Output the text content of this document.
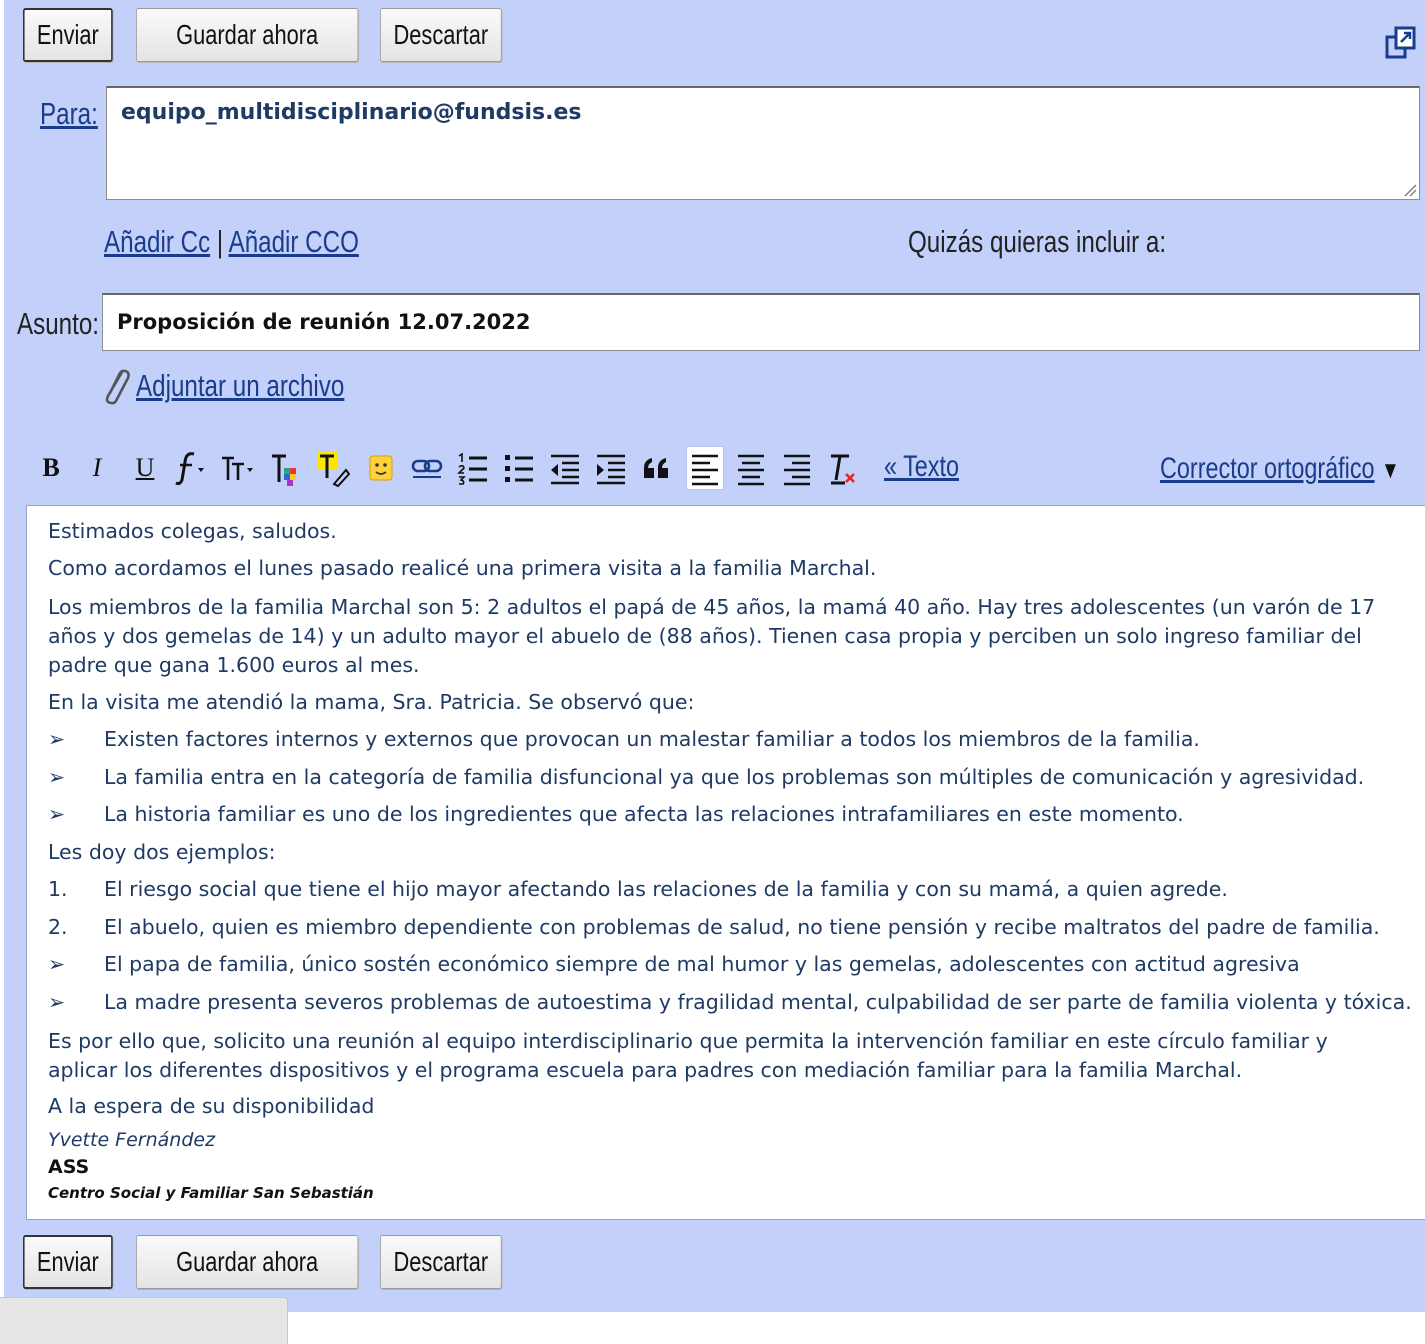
Enviar	Guardar ahora	Descartar
Para: equipo_multidisciplinario@fundsis.es
Añadir Cc | Añadir CCO	Quizás quieras incluir a:
Asunto: Proposición de reunión 12.07.2022
Adjuntar un archivo
B	I	U	« Texto	Corrector ortográfico ▼
Estimados colegas, saludos.
Como acordamos el lunes pasado realicé una primera visita a la familia Marchal.
Los miembros de la familia Marchal son 5: 2 adultos el papá de 45 años, la mamá 40 año. Hay tres adolescentes (un varón de 17 años y dos gemelas de 14) y un adulto mayor el abuelo de (88 años). Tienen casa propia y perciben un solo ingreso familiar del padre que gana 1.600 euros al mes.
En la visita me atendió la mama, Sra. Patricia. Se observó que:
➢ Existen factores internos y externos que provocan un malestar familiar a todos los miembros de la familia.
➢ La familia entra en la categoría de familia disfuncional ya que los problemas son múltiples de comunicación y agresividad.
➢ La historia familiar es uno de los ingredientes que afecta las relaciones intrafamiliares en este momento.
Les doy dos ejemplos:
1. El riesgo social que tiene el hijo mayor afectando las relaciones de la familia y con su mamá, a quien agrede.
2. El abuelo, quien es miembro dependiente con problemas de salud, no tiene pensión y recibe maltratos del padre de familia.
➢ El papa de familia, único sostén económico siempre de mal humor y las gemelas, adolescentes con actitud agresiva
➢ La madre presenta severos problemas de autoestima y fragilidad mental, culpabilidad de ser parte de familia violenta y tóxica.
Es por ello que, solicito una reunión al equipo interdisciplinario que permita la intervención familiar en este círculo familiar y aplicar los diferentes dispositivos y el programa escuela para padres con mediación familiar para la familia Marchal.
A la espera de su disponibilidad
Yvette Fernández
ASS
Centro Social y Familiar San Sebastián
Enviar	Guardar ahora	Descartar
